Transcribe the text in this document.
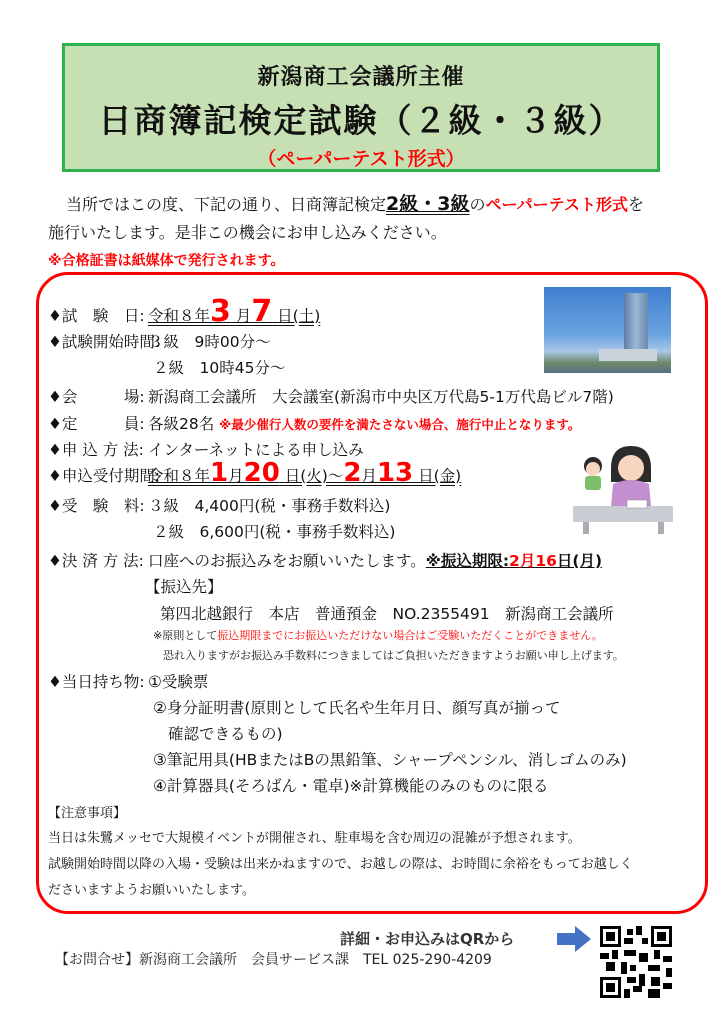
新潟商工会議所主催
日商簿記検定試験（２級・３級）
（ペーパーテスト形式）
当所ではこの度、下記の通り、日商簿記検定2級・3級のペーパーテスト形式を
施行いたします。是非この機会にお申し込みください。
※合格証書は紙媒体で発行されます。
♦試　験　日: 令和８年3 月7 日(土)
♦試験開始時間:３級　9時00分～
２級　10時45分～
♦会　　　場: 新潟商工会議所　大会議室(新潟市中央区万代島5-1万代島ビル7階)
♦定　　　員: 各級28名 ※最少催行人数の要件を満たさない場合、施行中止となります。
♦申 込 方 法: インターネットによる申し込み
♦申込受付期間:令和８年1月20 日(火)～2月13 日(金)
♦受　験　料: ３級　4,400円(税・事務手数料込)
２級　6,600円(税・事務手数料込)
♦決 済 方 法: 口座へのお振込みをお願いいたします。※振込期限:2月16日(月)
【振込先】
第四北越銀行　本店　普通預金　NO.2355491　新潟商工会議所
※原則として振込期限までにお振込いただけない場合はご受験いただくことができません。
恐れ入りますがお振込み手数料につきましてはご負担いただきますようお願い申し上げます。
♦当日持ち物: ①受験票
②身分証明書(原則として氏名や生年月日、顔写真が揃って
確認できるもの)
③筆記用具(HBまたはBの黒鉛筆、シャープペンシル、消しゴムのみ)
④計算器具(そろばん・電卓)※計算機能のみのものに限る
【注意事項】
当日は朱鷺メッセで大規模イベントが開催され、駐車場を含む周辺の混雑が予想されます。
試験開始時間以降の入場・受験は出来かねますので、お越しの際は、お時間に余裕をもってお越しく
ださいますようお願いいたします。
詳細・お申込みはQRから
【お問合せ】新潟商工会議所　会員サービス課　TEL 025-290-4209
